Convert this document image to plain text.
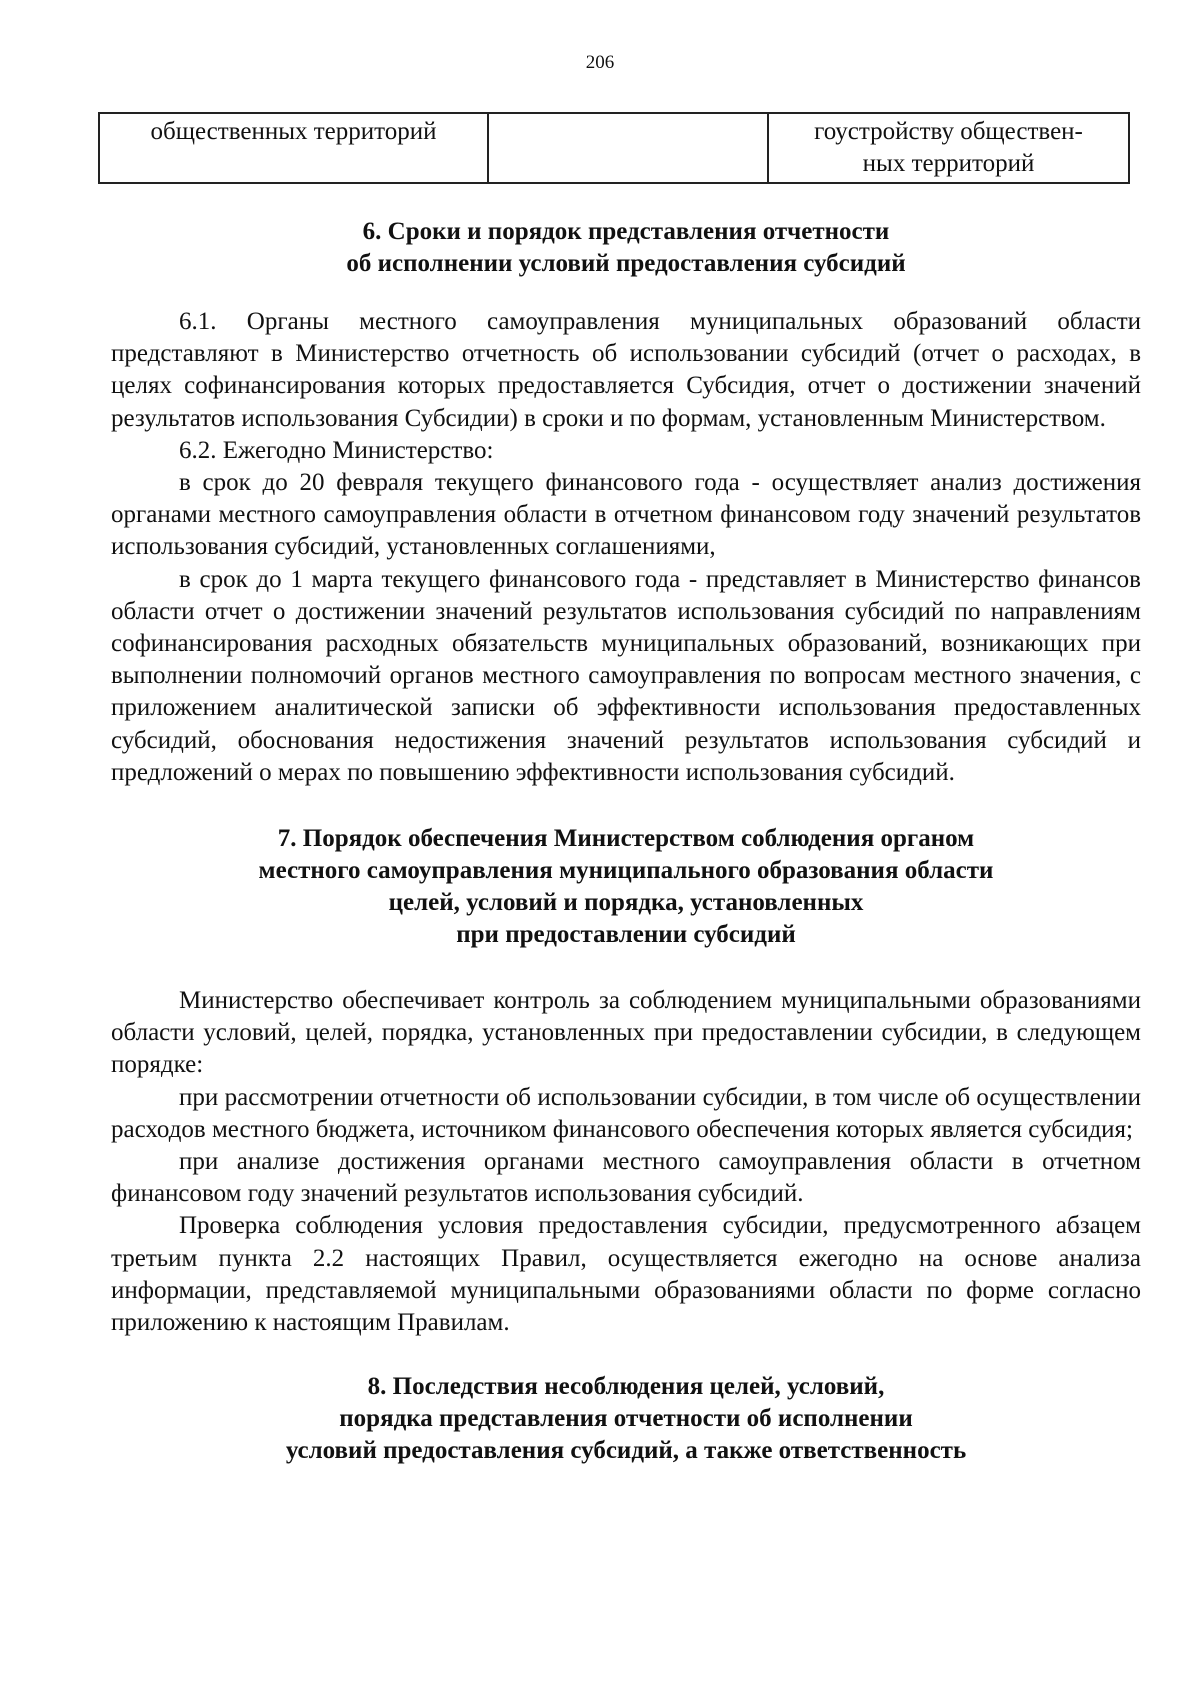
206
общественных территорий		гоустройству обществен-
ных территорий
6. Сроки и порядок представления отчетности
об исполнении условий предоставления субсидий

6.1. Органы местного самоуправления муниципальных образований области представляют в Министерство отчетность об использовании субсидий (отчет о расходах, в целях софинансирования которых предоставляется Субсидия, отчет о достижении значений результатов использования Субсидии) в сроки и по формам, установленным Министерством.

6.2. Ежегодно Министерство:

в срок до 20 февраля текущего финансового года - осуществляет анализ достижения органами местного самоуправления области в отчетном финансовом году значений результатов использования субсидий, установленных соглашениями,

в срок до 1 марта текущего финансового года - представляет в Министерство финансов области отчет о достижении значений результатов использования субсидий по направлениям софинансирования расходных обязательств муниципальных образований, возникающих при выполнении полномочий органов местного самоуправления по вопросам местного значения, с приложением аналитической записки об эффективности использования предоставленных субсидий, обоснования недостижения значений результатов использования субсидий и предложений о мерах по повышению эффективности использования субсидий.

7. Порядок обеспечения Министерством соблюдения органом
местного самоуправления муниципального образования области
целей, условий и порядка, установленных
при предоставлении субсидий

Министерство обеспечивает контроль за соблюдением муниципальными образованиями области условий, целей, порядка, установленных при предоставлении субсидии, в следующем порядке:

при рассмотрении отчетности об использовании субсидии, в том числе об осуществлении расходов местного бюджета, источником финансового обеспечения которых является субсидия;

при анализе достижения органами местного самоуправления области в отчетном финансовом году значений результатов использования субсидий.

Проверка соблюдения условия предоставления субсидии, предусмотренного абзацем третьим пункта 2.2 настоящих Правил, осуществляется ежегодно на основе анализа информации, представляемой муниципальными образованиями области по форме согласно приложению к настоящим Правилам.

8. Последствия несоблюдения целей, условий,
порядка представления отчетности об исполнении
условий предоставления субсидий, а также ответственность
